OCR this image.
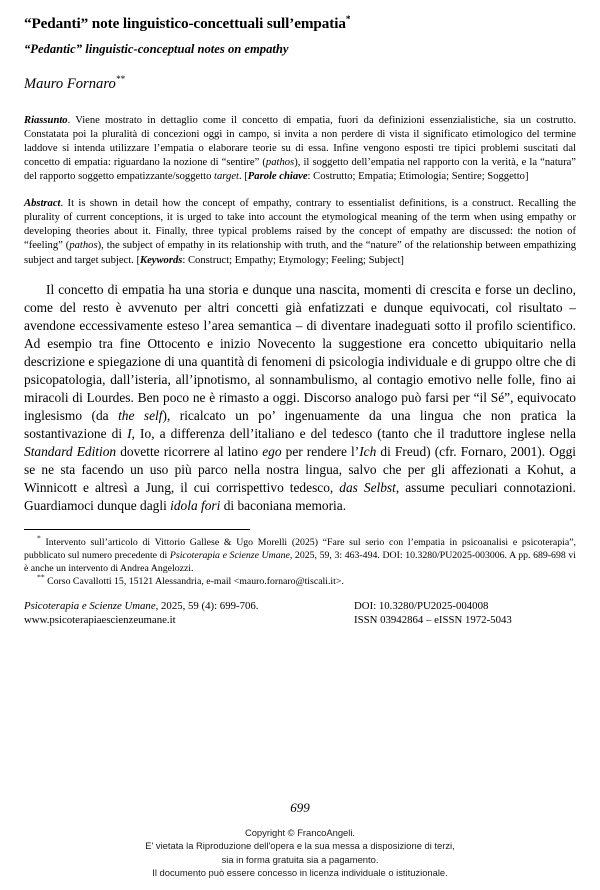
“Pedanti” note linguistico-concettuali sull’empatia*
“Pedantic” linguistic-conceptual notes on empathy
Mauro Fornaro**

Riassunto. Viene mostrato in dettaglio come il concetto di empatia, fuori da definizioni essenzialistiche, sia un costrutto. Constatata poi la pluralità di concezioni oggi in campo, si invita a non perdere di vista il significato etimologico del termine laddove si intenda utilizzare l’empatia o elaborare teorie su di essa. Infine vengono esposti tre tipici problemi suscitati dal concetto di empatia: riguardano la nozione di “sentire” (pathos), il soggetto dell’empatia nel rapporto con la verità, e la “natura” del rapporto soggetto empatizzante/soggetto target. [Parole chiave: Costrutto; Empatia; Etimologia; Sentire; Soggetto]

Abstract. It is shown in detail how the concept of empathy, contrary to essentialist definitions, is a construct. Recalling the plurality of current conceptions, it is urged to take into account the etymological meaning of the term when using empathy or developing theories about it. Finally, three typical problems raised by the concept of empathy are discussed: the notion of “feeling” (pathos), the subject of empathy in its relationship with truth, and the “nature” of the relationship between empathizing subject and target subject. [Keywords: Construct; Empathy; Etymology; Feeling; Subject]

Il concetto di empatia ha una storia e dunque una nascita, momenti di crescita e forse un declino, come del resto è avvenuto per altri concetti già enfatizzati e dunque equivocati, col risultato – avendone eccessivamente esteso l’area semantica – di diventare inadeguati sotto il profilo scientifico. Ad esempio tra fine Ottocento e inizio Novecento la suggestione era concetto ubiquitario nella descrizione e spiegazione di una quantità di fenomeni di psicologia individuale e di gruppo oltre che di psicopatologia, dall’isteria, all’ipnotismo, al sonnambulismo, al contagio emotivo nelle folle, fino ai miracoli di Lourdes. Ben poco ne è rimasto a oggi. Discorso analogo può farsi per “il Sé”, equivocato inglesismo (da the self), ricalcato un po’ ingenuamente da una lingua che non pratica la sostantivazione di I, Io, a differenza dell’italiano e del tedesco (tanto che il traduttore inglese nella Standard Edition dovette ricorrere al latino ego per rendere l’Ich di Freud) (cfr. Fornaro, 2001). Oggi se ne sta facendo un uso più parco nella nostra lingua, salvo che per gli affezionati a Kohut, a Winnicott e altresì a Jung, il cui corrispettivo tedesco, das Selbst, assume peculiari connotazioni. Guardiamoci dunque dagli idola fori di baconiana memoria.

* Intervento sull’articolo di Vittorio Gallese & Ugo Morelli (2025) “Fare sul serio con l’empatia in psicoanalisi e psicoterapia”, pubblicato sul numero precedente di Psicoterapia e Scienze Umane, 2025, 59, 3: 463-494. DOI: 10.3280/PU2025-003006. A pp. 689-698 vi è anche un intervento di Andrea Angelozzi.

** Corso Cavallotti 15, 15121 Alessandria, e-mail <mauro.fornaro@tiscali.it>.

Psicoterapia e Scienze Umane, 2025, 59 (4): 699-706.	DOI: 10.3280/PU2025-004008
www.psicoterapiaescienzeumane.it	ISSN 03942864 – eISSN 1972-5043
699
Copyright © FrancoAngeli.
E' vietata la Riproduzione dell'opera e la sua messa a disposizione di terzi,
sia in forma gratuita sia a pagamento.
Il documento può essere concesso in licenza individuale o istituzionale.
